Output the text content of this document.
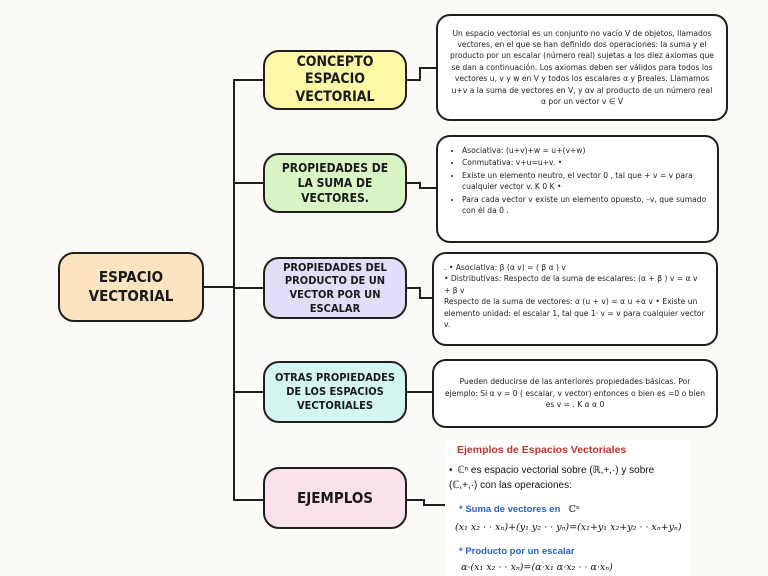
ESPACIO VECTORIAL
CONCEPTO ESPACIO VECTORIAL
PROPIEDADES DE LA SUMA DE VECTORES.
PROPIEDADES DEL PRODUCTO DE UN VECTOR POR UN ESCALAR
OTRAS PROPIEDADES DE LOS ESPACIOS VECTORIALES
EJEMPLOS
Un espacio vectorial es un conjunto no vacío V de objetos, llamados vectores, en el que se han definido dos operaciones: la suma y el producto por un escalar (número real) sujetas a los diez axiomas que se dan a continuación. Los axiomas deben ser válidos para todos los vectores u, v y w en V y todos los escalares α y βreales. Llamamos u+v a la suma de vectores en V, y αv al producto de un número real α por un vector v ∈ V
• Asociativa: (u+v)+w = u+(v+w)
• Conmutativa: v+u=u+v. •
• Existe un elemento neutro, el vector 0 , tal que + v = v para cualquier vector v. K 0 K •
• Para cada vector v existe un elemento opuesto, –v, que sumado con él da 0 .
. • Asociativa: β (α v) = ( β α ) v
• Distributivas: Respecto de la suma de escalares: (α + β ) v = α v + β v
Respecto de la suma de vectores: α (u + v) = α u +α v • Existe un elemento unidad: el escalar 1, tal que 1· v = v para cualquier vector v.
Pueden deducirse de las anteriores propiedades básicas. Por ejemplo: Si α v = 0 ( escalar, v vector) entonces o bien es =0 o bien es v = . K α α 0
Ejemplos de Espacios Vectoriales
• ℂⁿ es espacio vectorial sobre (ℝ,+,·) y sobre (ℂ,+,·) con las operaciones:
* Suma de vectores en ℂⁿ
(x₁ x₂ · · xₙ)+(y₁ y₂ · · yₙ)=(x₁+y₁ x₂+y₂ · · xₙ+yₙ)
* Producto por un escalar
α·(x₁ x₂ · · xₙ)=(α·x₁ α·x₂ · · α·xₙ)
